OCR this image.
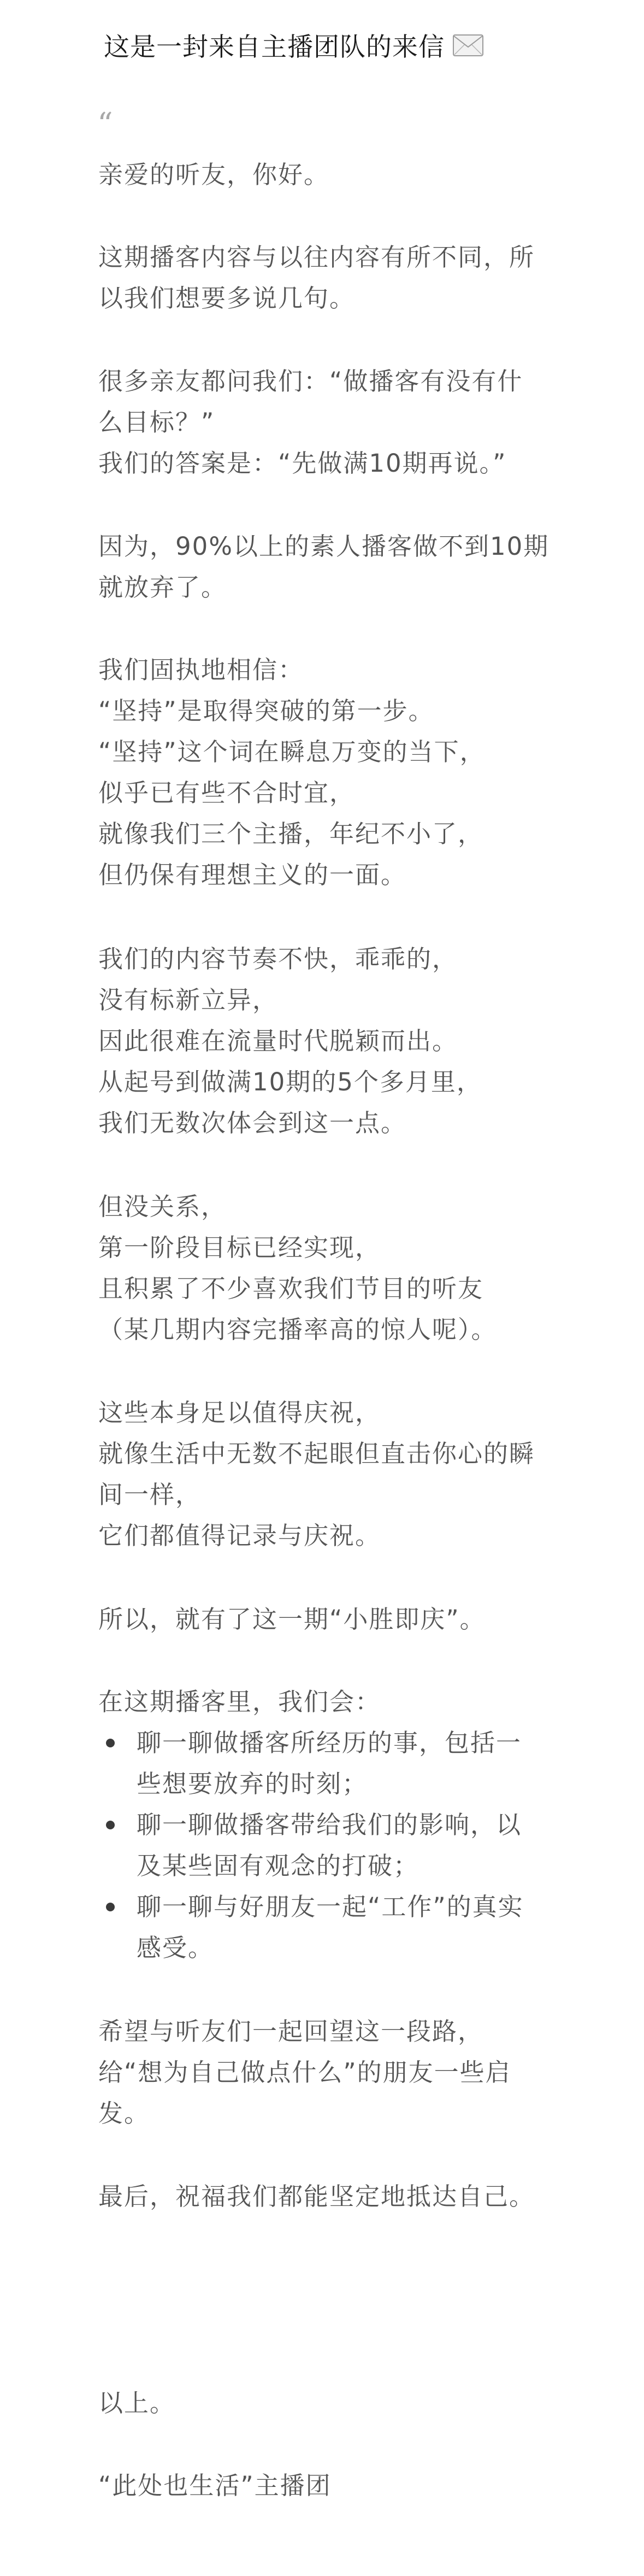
这是一封来自主播团队的来信
“
亲爱的听友，你好。
这期播客内容与以往内容有所不同，所
以我们想要多说几句。
很多亲友都问我们：“做播客有没有什
么目标？”
我们的答案是：“先做满10期再说。”
因为，90%以上的素人播客做不到10期
就放弃了。
我们固执地相信：
“坚持”是取得突破的第一步。
“坚持”这个词在瞬息万变的当下，
似乎已有些不合时宜，
就像我们三个主播，年纪不小了，
但仍保有理想主义的一面。
我们的内容节奏不快，乖乖的，
没有标新立异，
因此很难在流量时代脱颖而出。
从起号到做满10期的5个多月里，
我们无数次体会到这一点。
但没关系，
第一阶段目标已经实现，
且积累了不少喜欢我们节目的听友
（某几期内容完播率高的惊人呢）。
这些本身足以值得庆祝，
就像生活中无数不起眼但直击你心的瞬
间一样，
它们都值得记录与庆祝。
所以，就有了这一期“小胜即庆”。
在这期播客里，我们会：
聊一聊做播客所经历的事，包括一
些想要放弃的时刻；
聊一聊做播客带给我们的影响，以
及某些固有观念的打破；
聊一聊与好朋友一起“工作”的真实
感受。
希望与听友们一起回望这一段路，
给“想为自己做点什么”的朋友一些启
发。
最后，祝福我们都能坚定地抵达自己。
以上。
“此处也生活”主播团
